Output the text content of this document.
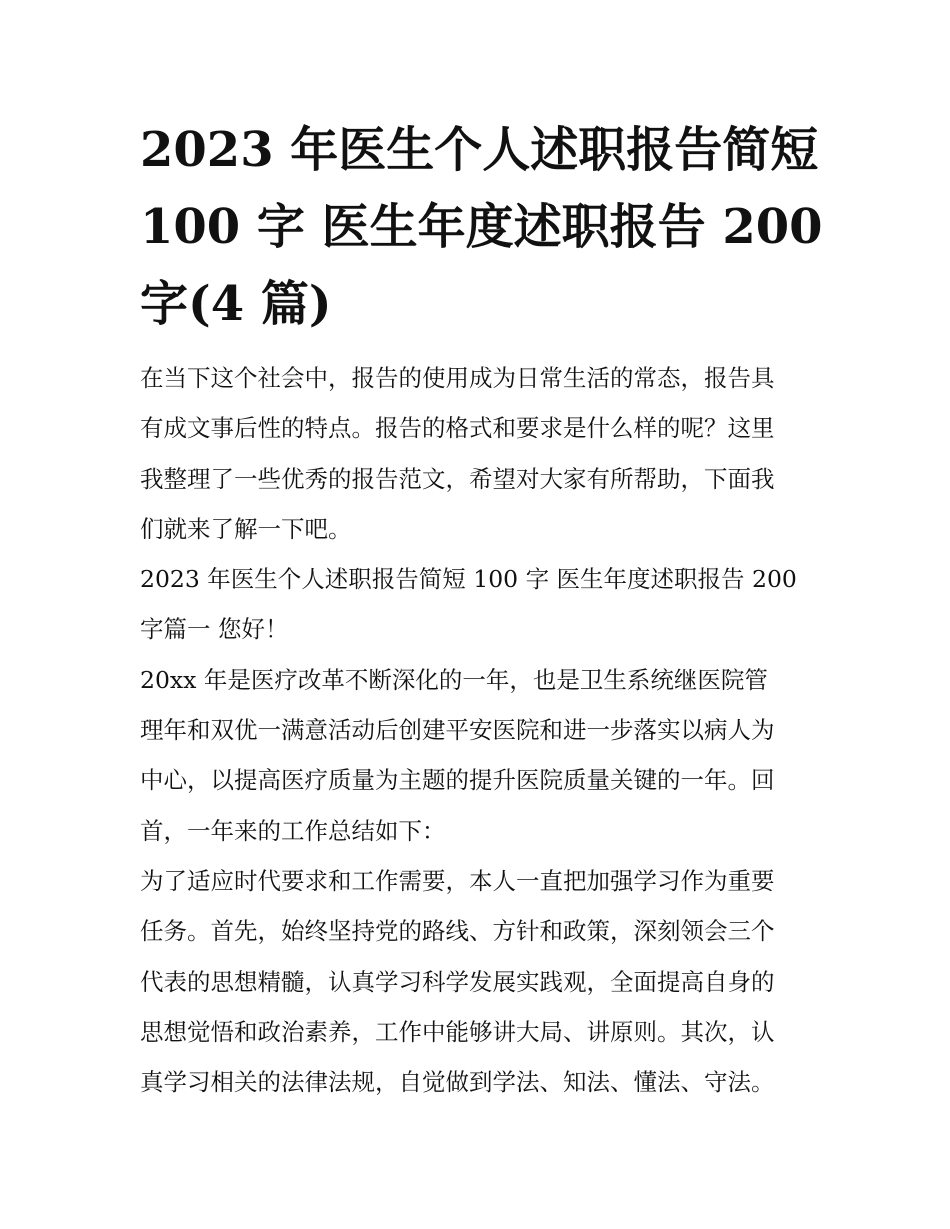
2023 年医生个人述职报告简短
100 字 医生年度述职报告 200
字(4 篇)
在当下这个社会中，报告的使用成为日常生活的常态，报告具
有成文事后性的特点。报告的格式和要求是什么样的呢？这里
我整理了一些优秀的报告范文，希望对大家有所帮助，下面我
们就来了解一下吧。
2023 年医生个人述职报告简短 100 字 医生年度述职报告 200
字篇一 您好！
20xx 年是医疗改革不断深化的一年，也是卫生系统继医院管
理年和双优一满意活动后创建平安医院和进一步落实以病人为
中心，以提高医疗质量为主题的提升医院质量关键的一年。回
首，一年来的工作总结如下：
为了适应时代要求和工作需要，本人一直把加强学习作为重要
任务。首先，始终坚持党的路线、方针和政策，深刻领会三个
代表的思想精髓，认真学习科学发展实践观，全面提高自身的
思想觉悟和政治素养，工作中能够讲大局、讲原则。其次，认
真学习相关的法律法规，自觉做到学法、知法、懂法、守法。
